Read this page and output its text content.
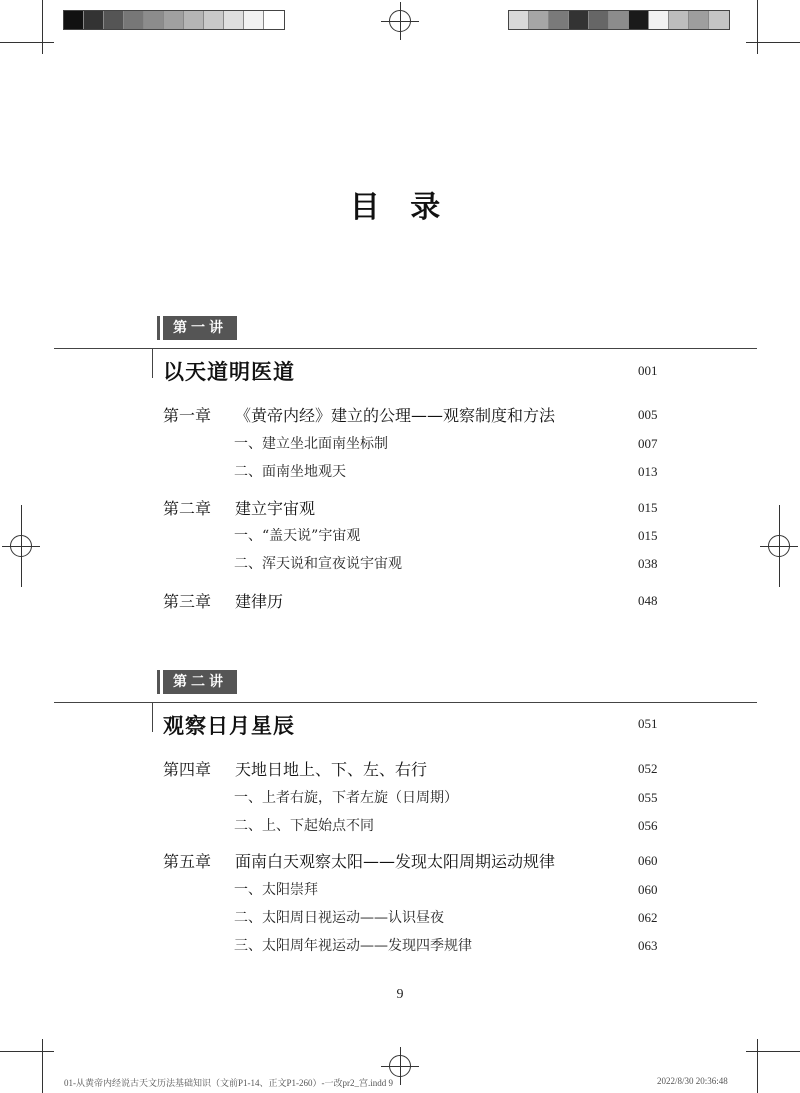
目 录
第一讲
以天道明医道	001
第一章 《黄帝内经》建立的公理——观察制度和方法	005
一、建立坐北面南坐标制	007
二、面南坐地观天	013
第二章 建立宇宙观	015
一、“盖天说”宇宙观	015
二、浑天说和宣夜说宇宙观	038
第三章 建律历	048
第二讲
观察日月星辰	051
第四章 天地日地上、下、左、右行	052
一、上者右旋，下者左旋（日周期）	055
二、上、下起始点不同	056
第五章 面南白天观察太阳——发现太阳周期运动规律	060
一、太阳崇拜	060
二、太阳周日视运动——认识昼夜	062
三、太阳周年视运动——发现四季规律	063
9
01-从黄帝内经说古天文历法基础知识（文前P1-14、正文P1-260）-一改pr2_宫.indd 9	2022/8/30 20:36:48
